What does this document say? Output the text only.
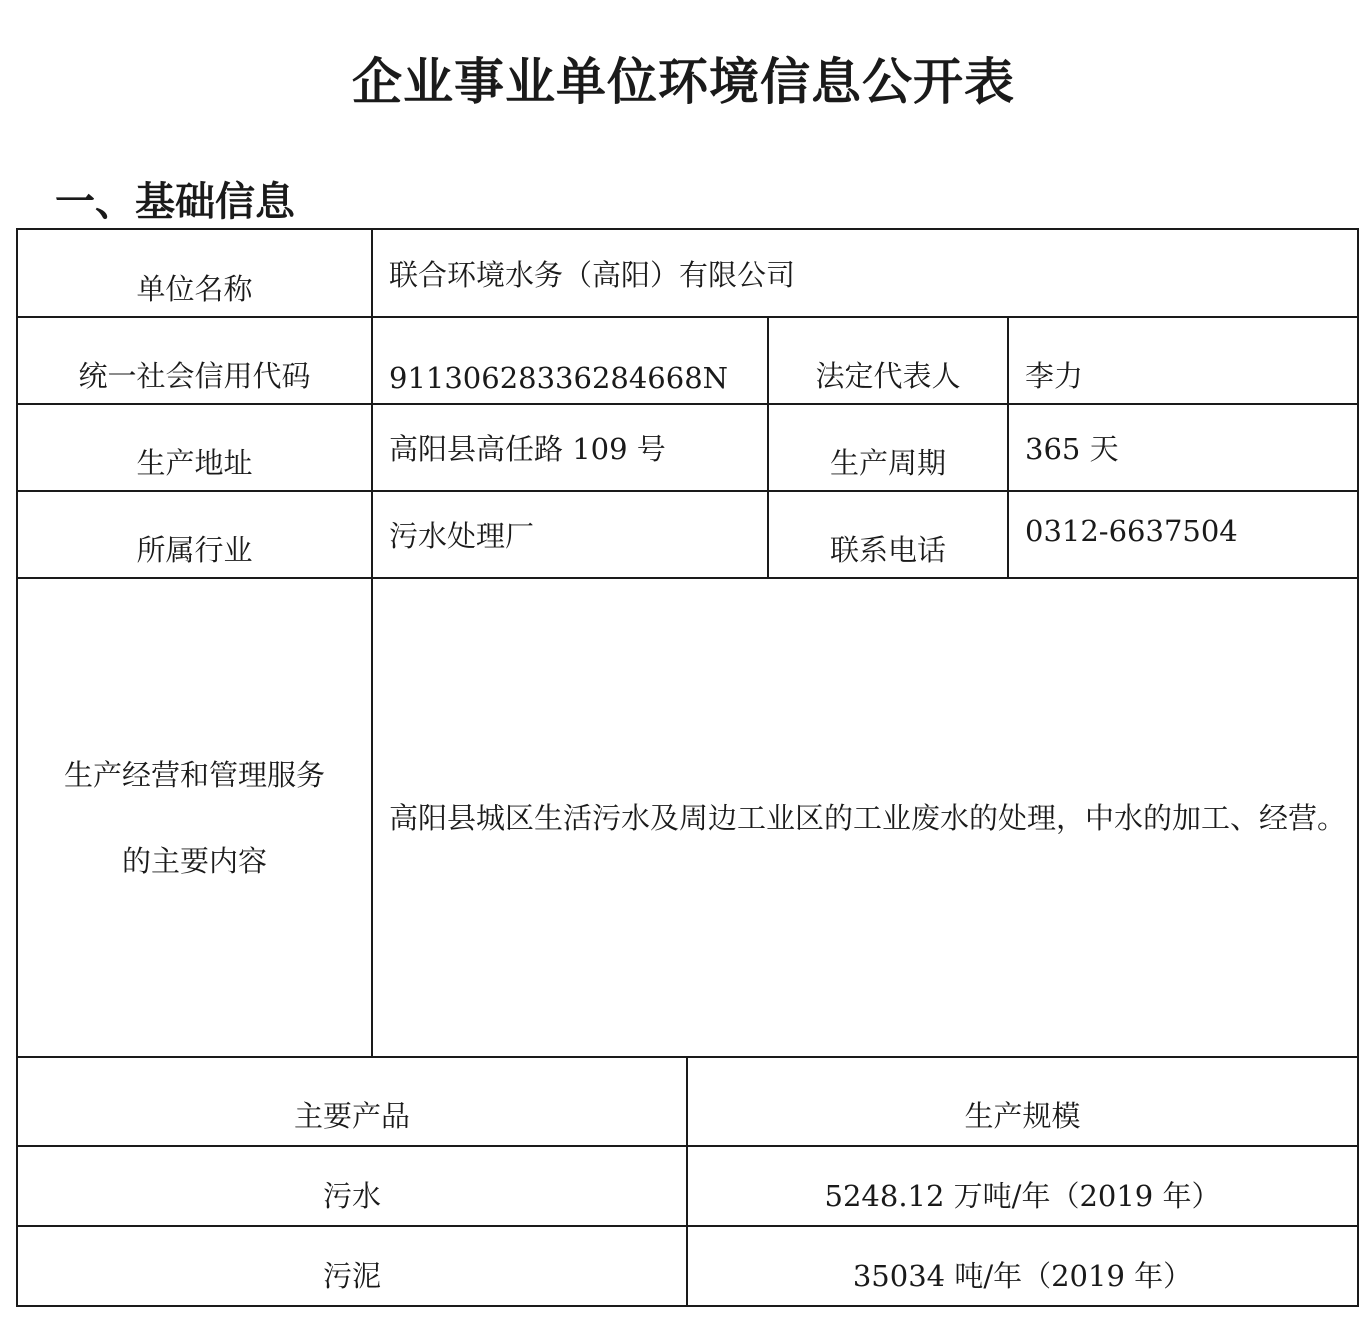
企业事业单位环境信息公开表
一、基础信息
单位名称	联合环境水务（高阳）有限公司		
统一社会信用代码	91130628336284668N	法定代表人	李力
生产地址	高阳县高任路 109 号	生产周期	365 天
所属行业	污水处理厂	联系电话	0312-6637504

生产经营和管理服务
的主要内容	高阳县城区生活污水及周边工业区的工业废水的处理，中水的加工、经营。		
主要产品	生产规模
污水	5248.12 万吨/年（2019 年）
污泥	35034 吨/年（2019 年）
